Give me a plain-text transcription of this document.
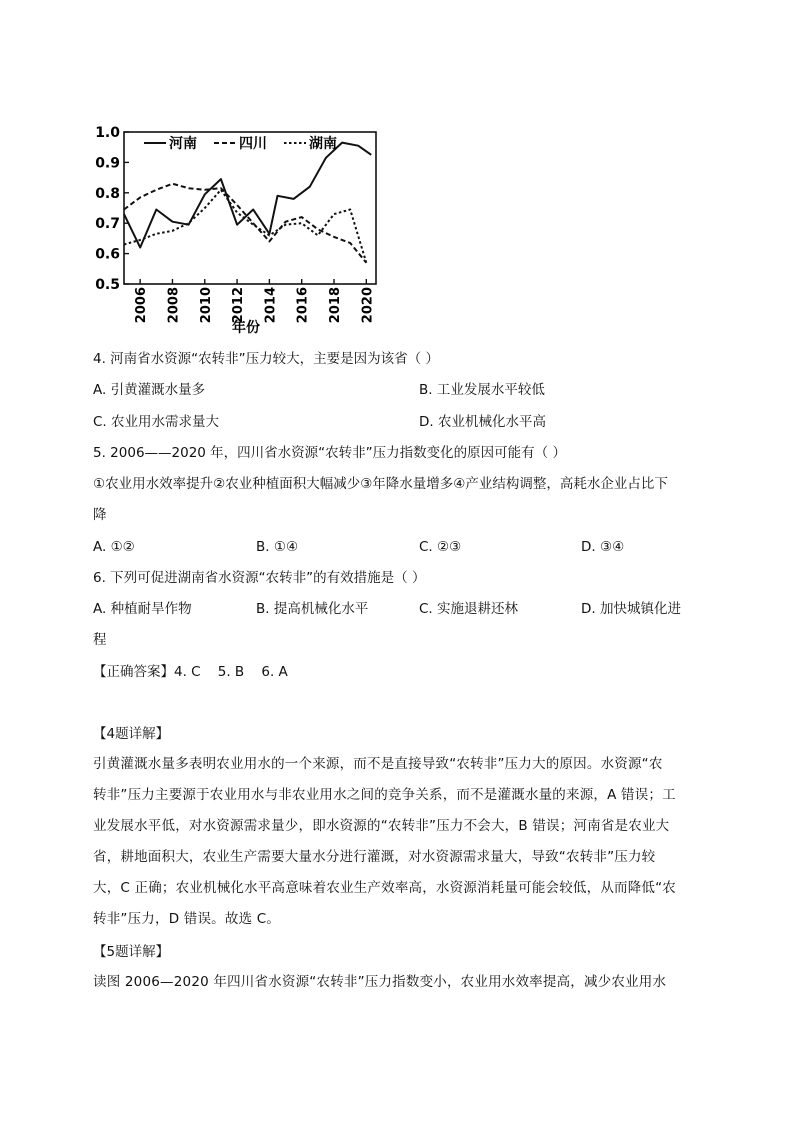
1.0
0.9
0.8
0.7
0.6
0.5
2006 2008 2010 2012 2014 2016 2018 2020
河南	四川	湖南
年份
4. 河南省水资源“农转非”压力较大，主要是因为该省（ ）
A. 引黄灌溉水量多	B. 工业发展水平较低
C. 农业用水需求量大	D. 农业机械化水平高
5. 2006——2020 年，四川省水资源“农转非”压力指数变化的原因可能有（ ）
①农业用水效率提升②农业种植面积大幅减少③年降水量增多④产业结构调整，高耗水企业占比下
降
A. ①②	B. ①④	C. ②③	D. ③④
6. 下列可促进湖南省水资源“农转非”的有效措施是（ ）
A. 种植耐旱作物	B. 提高机械化水平	C. 实施退耕还林	D. 加快城镇化进
程
【正确答案】4. C    5. B    6. A
【4题详解】
引黄灌溉水量多表明农业用水的一个来源，而不是直接导致“农转非”压力大的原因。水资源“农
转非”压力主要源于农业用水与非农业用水之间的竞争关系，而不是灌溉水量的来源，A 错误；工
业发展水平低，对水资源需求量少，即水资源的“农转非”压力不会大，B 错误；河南省是农业大
省，耕地面积大，农业生产需要大量水分进行灌溉，对水资源需求量大，导致“农转非”压力较
大，C 正确；农业机械化水平高意味着农业生产效率高，水资源消耗量可能会较低，从而降低“农
转非”压力，D 错误。故选 C。
【5题详解】
读图 2006—2020 年四川省水资源“农转非”压力指数变小，农业用水效率提高，减少农业用水
